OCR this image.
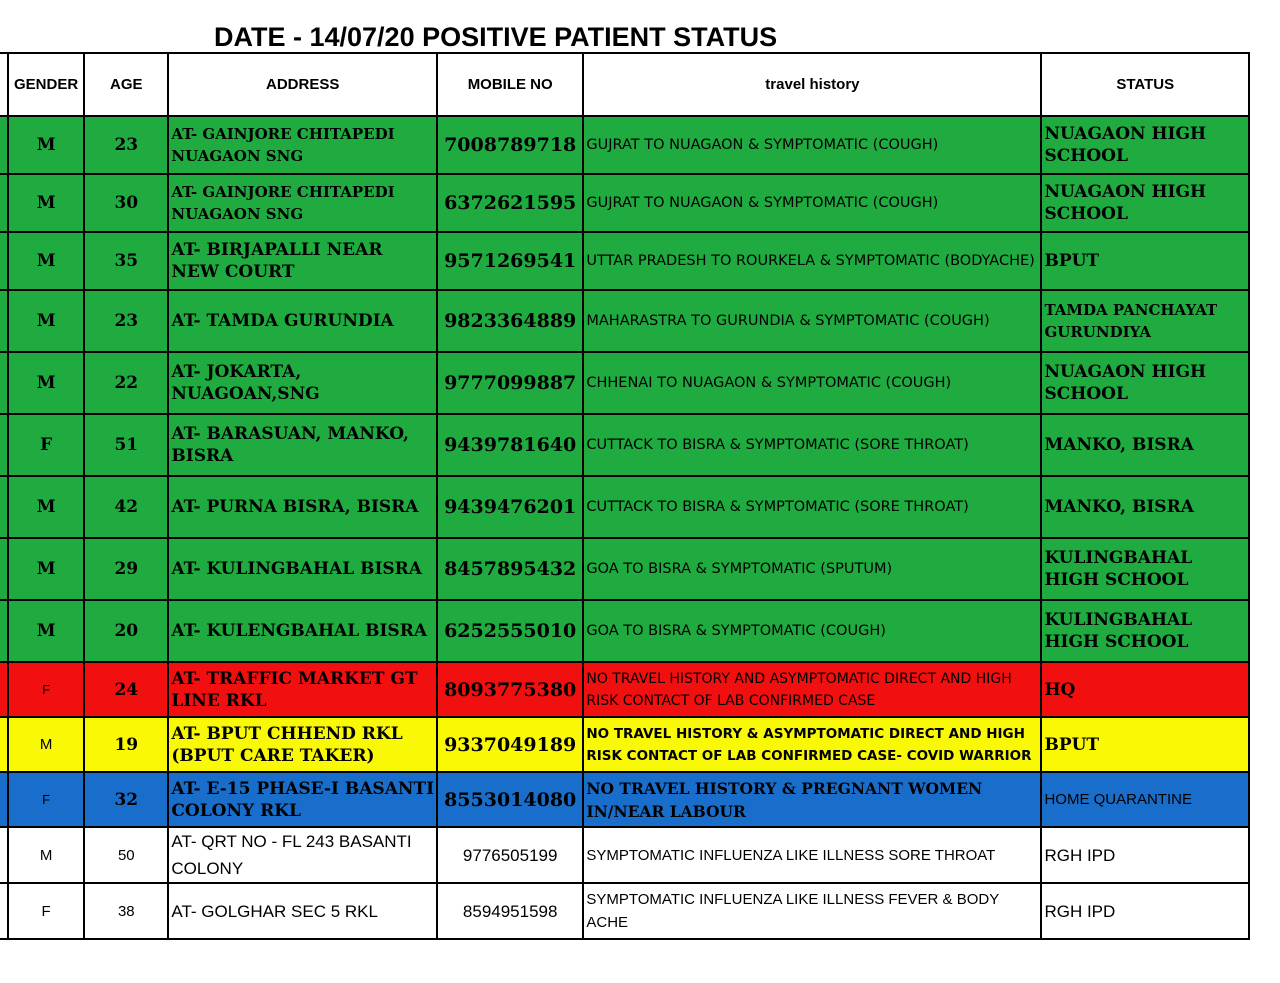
DATE - 14/07/20 POSITIVE PATIENT STATUS
	GENDER	AGE	ADDRESS	MOBILE NO	travel history	STATUS
	M	23	AT- GAINJORE CHITAPEDI NUAGAON SNG	7008789718	GUJRAT TO NUAGAON & SYMPTOMATIC (COUGH)	NUAGAON HIGH SCHOOL
	M	30	AT- GAINJORE CHITAPEDI NUAGAON SNG	6372621595	GUJRAT TO NUAGAON & SYMPTOMATIC (COUGH)	NUAGAON HIGH SCHOOL
	M	35	AT- BIRJAPALLI NEAR NEW COURT	9571269541	UTTAR PRADESH TO ROURKELA & SYMPTOMATIC (BODYACHE)	BPUT
	M	23	AT- TAMDA GURUNDIA	9823364889	MAHARASTRA TO GURUNDIA & SYMPTOMATIC (COUGH)	TAMDA PANCHAYAT GURUNDIYA
	M	22	AT- JOKARTA, NUAGOAN,SNG	9777099887	CHHENAI TO NUAGAON & SYMPTOMATIC (COUGH)	NUAGAON HIGH SCHOOL
	F	51	AT- BARASUAN, MANKO, BISRA	9439781640	CUTTACK TO BISRA & SYMPTOMATIC (SORE THROAT)	MANKO, BISRA
	M	42	AT- PURNA BISRA, BISRA	9439476201	CUTTACK TO BISRA & SYMPTOMATIC (SORE THROAT)	MANKO, BISRA
	M	29	AT- KULINGBAHAL BISRA	8457895432	GOA TO BISRA & SYMPTOMATIC (SPUTUM)	KULINGBAHAL HIGH SCHOOL
	M	20	AT- KULENGBAHAL BISRA	6252555010	GOA TO BISRA & SYMPTOMATIC (COUGH)	KULINGBAHAL HIGH SCHOOL
	F	24	AT- TRAFFIC MARKET GT LINE RKL	8093775380	NO TRAVEL HISTORY AND ASYMPTOMATIC DIRECT AND HIGH RISK CONTACT OF LAB CONFIRMED CASE	HQ
	M	19	AT- BPUT CHHEND RKL (BPUT CARE TAKER)	9337049189	NO TRAVEL HISTORY & ASYMPTOMATIC DIRECT AND HIGH RISK CONTACT OF LAB CONFIRMED CASE- COVID WARRIOR	BPUT
	F	32	AT- E-15 PHASE-I BASANTI COLONY RKL	8553014080	NO TRAVEL HISTORY & PREGNANT WOMEN IN/NEAR LABOUR	HOME QUARANTINE
	M	50	AT- QRT NO - FL 243 BASANTI COLONY	9776505199	SYMPTOMATIC INFLUENZA LIKE ILLNESS SORE THROAT	RGH IPD
	F	38	AT- GOLGHAR SEC 5 RKL	8594951598	SYMPTOMATIC INFLUENZA LIKE ILLNESS FEVER & BODY ACHE	RGH IPD
